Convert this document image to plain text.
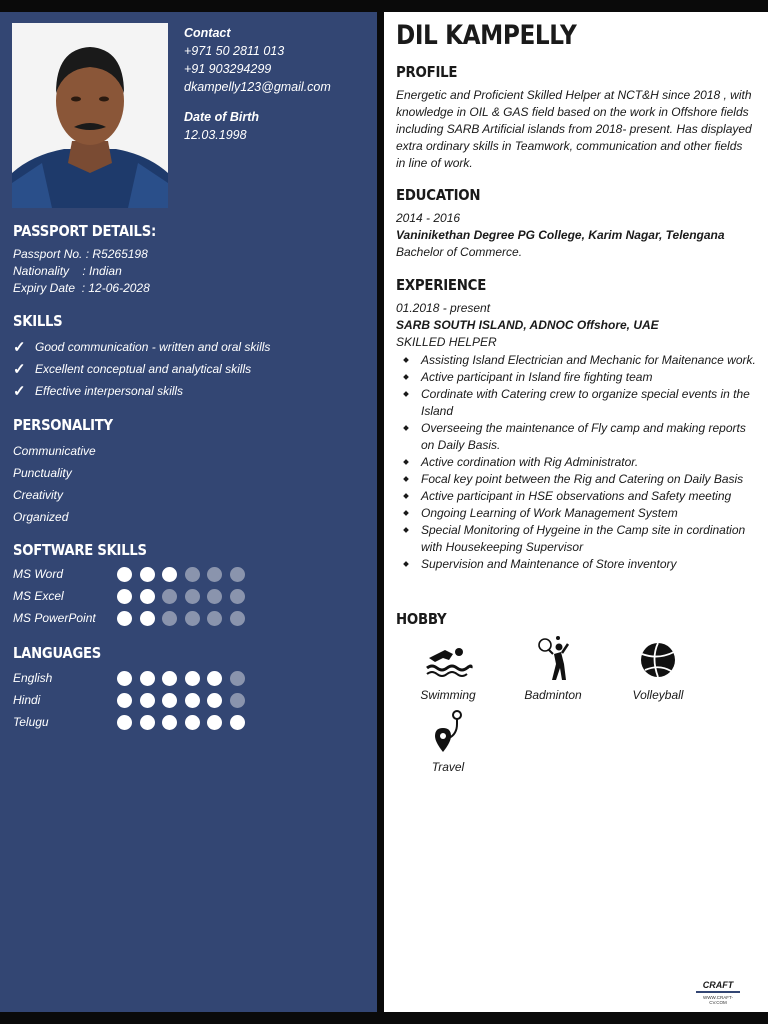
Contact
+971 50 2811 013
+91 903294299
dkampelly123@gmail.com
Date of Birth
12.03.1998
PASSPORT DETAILS:
Passport No. : R5265198
Nationality    : Indian
Expiry Date  : 12-06-2028
SKILLS
✓ Good communication - written and oral skills
✓ Excellent conceptual and analytical skills
✓ Effective interpersonal skills
PERSONALITY
Communicative
Punctuality
Creativity
Organized
SOFTWARE SKILLS
MS Word
MS Excel
MS PowerPoint
LANGUAGES
English
Hindi
Telugu
DIL KAMPELLY
PROFILE
Energetic and Proficient Skilled Helper at NCT&H since 2018 , with knowledge in OIL & GAS field based on the work in Offshore fields including SARB Artificial islands from 2018- present. Has displayed extra ordinary skills in Teamwork, communication and other fields in line of work.
EDUCATION
2014 - 2016
Vaninikethan Degree PG College, Karim Nagar, Telengana
Bachelor of Commerce.
EXPERIENCE
01.2018 - present
SARB SOUTH ISLAND, ADNOC Offshore, UAE
SKILLED HELPER
Assisting Island Electrician and Mechanic for Maitenance work.
Active participant in Island fire fighting team
Cordinate with Catering crew to organize special events in the Island
Overseeing the maintenance of Fly camp and making reports on Daily Basis.
Active cordination with Rig Administrator.
Focal key point between the Rig and Catering on Daily Basis
Active participant in HSE observations and Safety meeting
Ongoing Learning of Work Management System
Special Monitoring of Hygeine in the Camp site in cordination with Housekeeping Supervisor
Supervision and Maintenance of Store inventory
HOBBY
Swimming	Badminton	Volleyball
Travel
CRAFT
WWW.CRAFT-CV.COM
